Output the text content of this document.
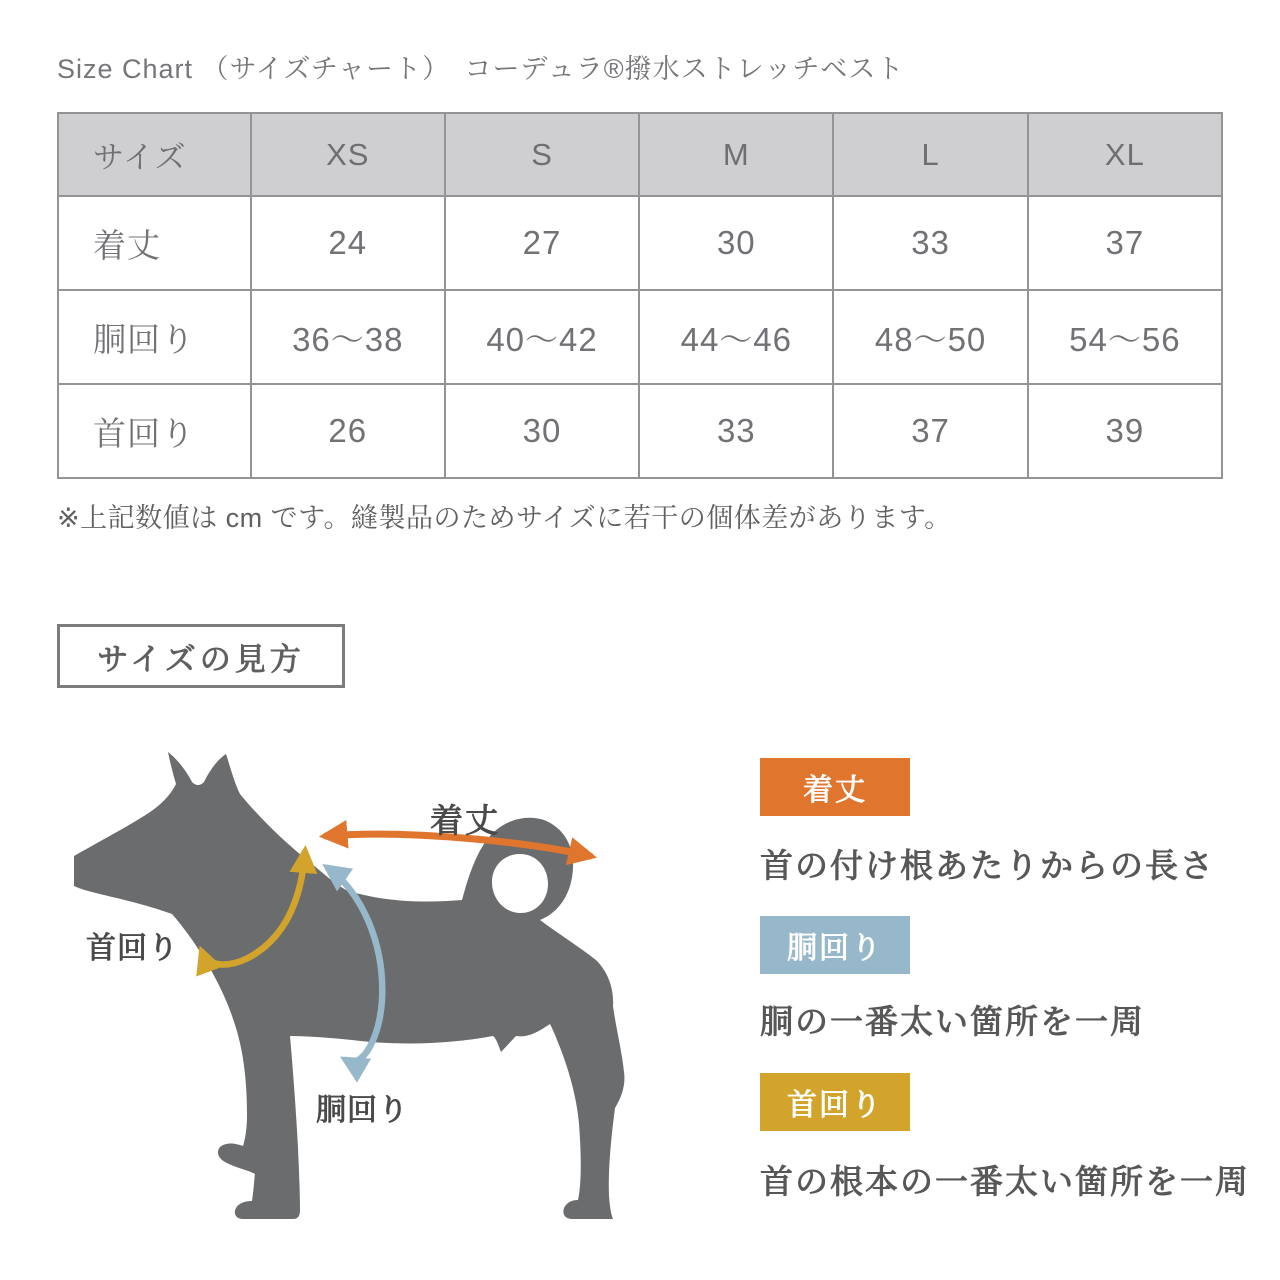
Size Chart （サイズチャート）　コーデュラ®撥水ストレッチベスト
サイズ	XS	S	M	L	XL
着丈	24	27	30	33	37
胴回り	36〜38	40〜42	44〜46	48〜50	54〜56
首回り	26	30	33	37	39
※上記数値は cm です。縫製品のためサイズに若干の個体差があります。
サイズの見方
着丈
首回り
胴回り
着丈
首の付け根あたりからの長さ
胴回り
胴の一番太い箇所を一周
首回り
首の根本の一番太い箇所を一周
